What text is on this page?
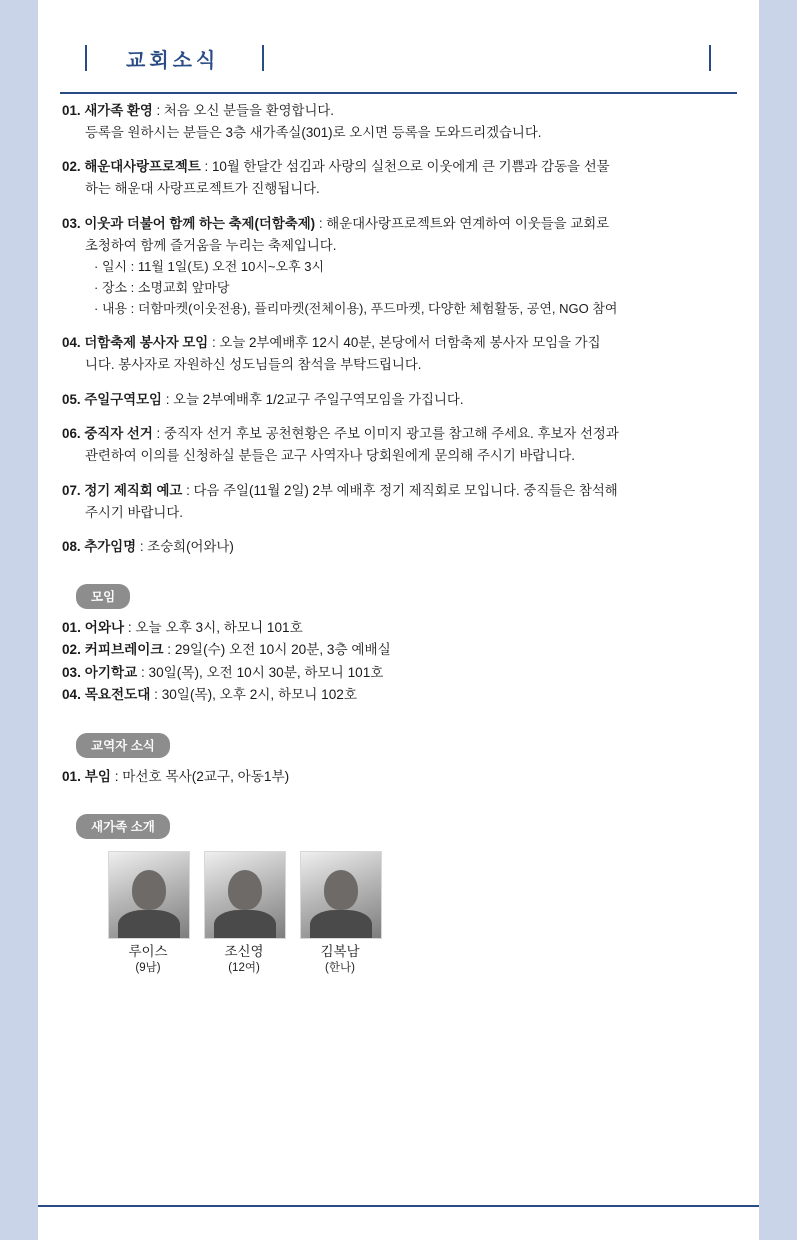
교회소식
01. 새가족 환영 : 처음 오신 분들을 환영합니다.
등록을 원하시는 분들은 3층 새가족실(301)로 오시면 등록을 도와드리겠습니다.
02. 해운대사랑프로젝트 : 10월 한달간 섬김과 사랑의 실천으로 이웃에게 큰 기쁨과 감동을 선물
하는 해운대 사랑프로젝트가 진행됩니다.
03. 이웃과 더불어 함께 하는 축제(더함축제) : 해운대사랑프로젝트와 연계하여 이웃들을 교회로
초청하여 함께 즐거움을 누리는 축제입니다.
· 일시 : 11월 1일(토) 오전 10시~오후 3시
· 장소 : 소명교회 앞마당
· 내용 : 더함마켓(이웃전용), 플리마켓(전체이용), 푸드마켓, 다양한 체험활동, 공연, NGO 참여
04. 더함축제 봉사자 모임 : 오늘 2부예배후 12시 40분, 본당에서 더함축제 봉사자 모임을 가집
니다. 봉사자로 자원하신 성도님들의 참석을 부탁드립니다.
05. 주일구역모임 : 오늘 2부예배후 1/2교구 주일구역모임을 가집니다.
06. 중직자 선거 : 중직자 선거 후보 공천현황은 주보 이미지 광고를 참고해 주세요. 후보자 선정과
관련하여 이의를 신청하실 분들은 교구 사역자나 당회원에게 문의해 주시기 바랍니다.
07. 정기 제직회 예고 : 다음 주일(11월 2일) 2부 예배후 정기 제직회로 모입니다. 중직들은 참석해
주시기 바랍니다.
08. 추가임명 : 조숭희(어와나)
모임
01. 어와나 : 오늘 오후 3시, 하모니 101호
02. 커피브레이크 : 29일(수) 오전 10시 20분, 3층 예배실
03. 아기학교 : 30일(목), 오전 10시 30분, 하모니 101호
04. 목요전도대 : 30일(목), 오후 2시, 하모니 102호
교역자 소식
01. 부임 : 마선호 목사(2교구, 아동1부)
새가족 소개
루이스
(9남)
조신영
(12여)
김복남
(한나)
